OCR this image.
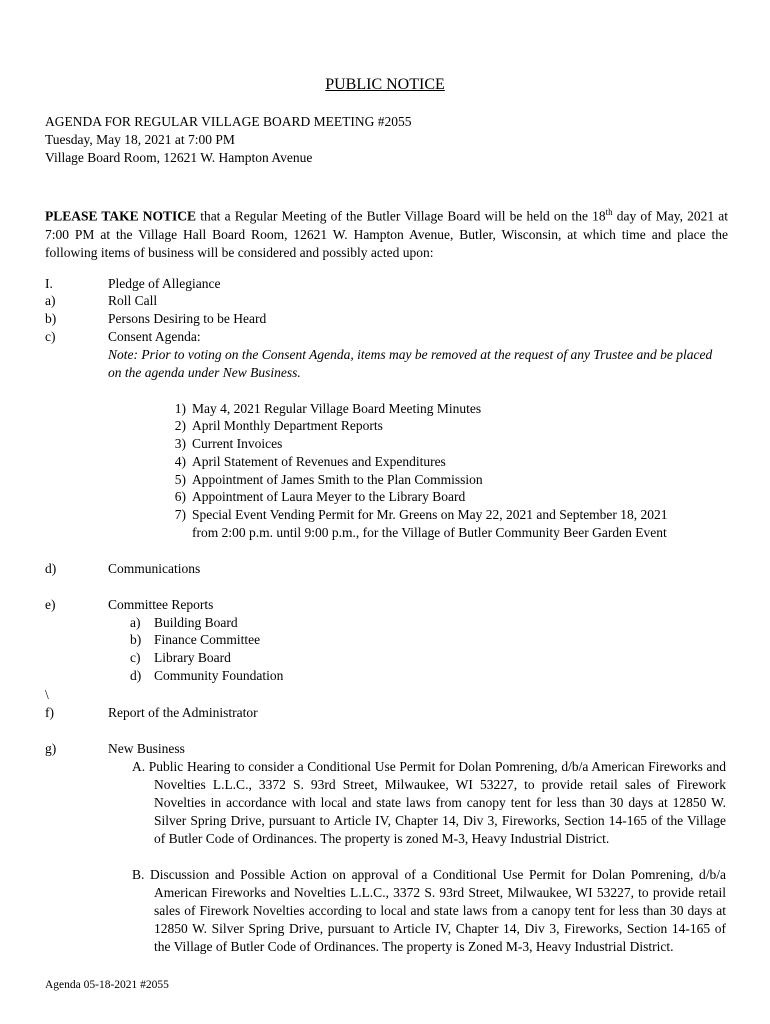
PUBLIC NOTICE
AGENDA FOR REGULAR VILLAGE BOARD MEETING #2055
Tuesday, May 18, 2021 at 7:00 PM
Village Board Room, 12621 W. Hampton Avenue
PLEASE TAKE NOTICE that a Regular Meeting of the Butler Village Board will be held on the 18th day of May, 2021 at 7:00 PM at the Village Hall Board Room, 12621 W. Hampton Avenue, Butler, Wisconsin, at which time and place the following items of business will be considered and possibly acted upon:
I.	Pledge of Allegiance
a)	Roll Call
b)	Persons Desiring to be Heard
c)	Consent Agenda:
Note: Prior to voting on the Consent Agenda, items may be removed at the request of any Trustee and be placed on the agenda under New Business.
1) May 4, 2021 Regular Village Board Meeting Minutes
2) April Monthly Department Reports
3) Current Invoices
4) April Statement of Revenues and Expenditures
5) Appointment of James Smith to the Plan Commission
6) Appointment of Laura Meyer to the Library Board
7) Special Event Vending Permit for Mr. Greens on May 22, 2021 and September 18, 2021
from 2:00 p.m. until 9:00 p.m., for the Village of Butler Community Beer Garden Event
d)	Communications
e)	Committee Reports
a) Building Board
b) Finance Committee
c) Library Board
d) Community Foundation
\
f)	Report of the Administrator
g)	New Business
A. Public Hearing to consider a Conditional Use Permit for Dolan Pomrening, d/b/a American Fireworks and Novelties L.L.C., 3372 S. 93rd Street, Milwaukee, WI 53227, to provide retail sales of Firework Novelties in accordance with local and state laws from canopy tent for less than 30 days at 12850 W. Silver Spring Drive, pursuant to Article IV, Chapter 14, Div 3, Fireworks, Section 14-165 of the Village of Butler Code of Ordinances. The property is zoned M-3, Heavy Industrial District.
B. Discussion and Possible Action on approval of a Conditional Use Permit for Dolan Pomrening, d/b/a American Fireworks and Novelties L.L.C., 3372 S. 93rd Street, Milwaukee, WI 53227, to provide retail sales of Firework Novelties according to local and state laws from a canopy tent for less than 30 days at 12850 W. Silver Spring Drive, pursuant to Article IV, Chapter 14, Div 3, Fireworks, Section 14-165 of the Village of Butler Code of Ordinances. The property is Zoned M-3, Heavy Industrial District.
Agenda 05-18-2021 #2055
